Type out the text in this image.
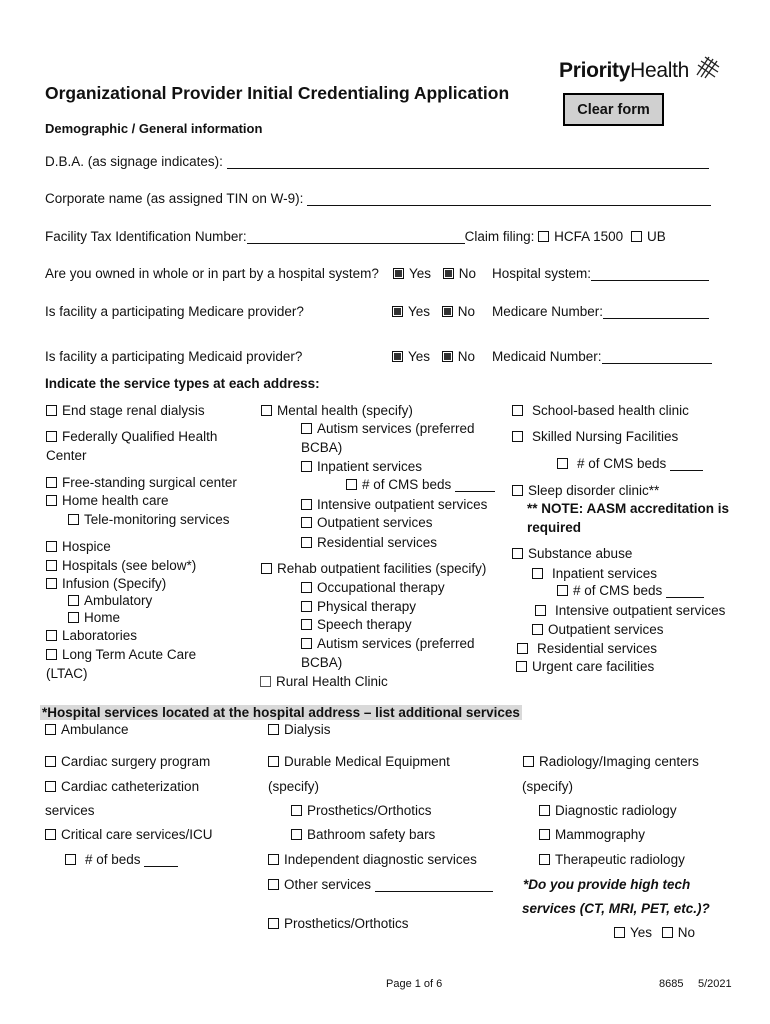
PriorityHealth
Organizational Provider Initial Credentialing Application
Clear form
Demographic / General information
D.B.A. (as signage indicates):
Corporate name (as assigned TIN on W-9):
Facility Tax Identification Number:	Claim filing: HCFA 1500 UB
Are you owned in whole or in part by a hospital system?	Yes No Hospital system:
Is facility a participating Medicare provider?	Yes No Medicare Number:
Is facility a participating Medicaid provider?	Yes No Medicaid Number:
Indicate the service types at each address:
End stage renal dialysis
Federally Qualified Health
Center
Free-standing surgical center
Home health care
Tele-monitoring services
Hospice
Hospitals (see below*)
Infusion (Specify)
Ambulatory
Home
Laboratories
Long Term Acute Care
(LTAC)
Mental health (specify)
Autism services (preferred
BCBA)
Inpatient services
# of CMS beds
Intensive outpatient services
Outpatient services
Residential services
Rehab outpatient facilities (specify)
Occupational therapy
Physical therapy
Speech therapy
Autism services (preferred
BCBA)
Rural Health Clinic
School-based health clinic
Skilled Nursing Facilities
# of CMS beds
Sleep disorder clinic**
** NOTE: AASM accreditation is
required
Substance abuse
Inpatient services
# of CMS beds
Intensive outpatient services
Outpatient services
Residential services
Urgent care facilities
*Hospital services located at the hospital address – list additional services
Ambulance
Cardiac surgery program
Cardiac catheterization
services
Critical care services/ICU
# of beds
Dialysis
Durable Medical Equipment
(specify)
Prosthetics/Orthotics
Bathroom safety bars
Independent diagnostic services
Other services
Prosthetics/Orthotics
Radiology/Imaging centers
(specify)
Diagnostic radiology
Mammography
Therapeutic radiology
*Do you provide high tech
services (CT, MRI, PET, etc.)?
Yes No
Page 1 of 6	8685 5/2021
